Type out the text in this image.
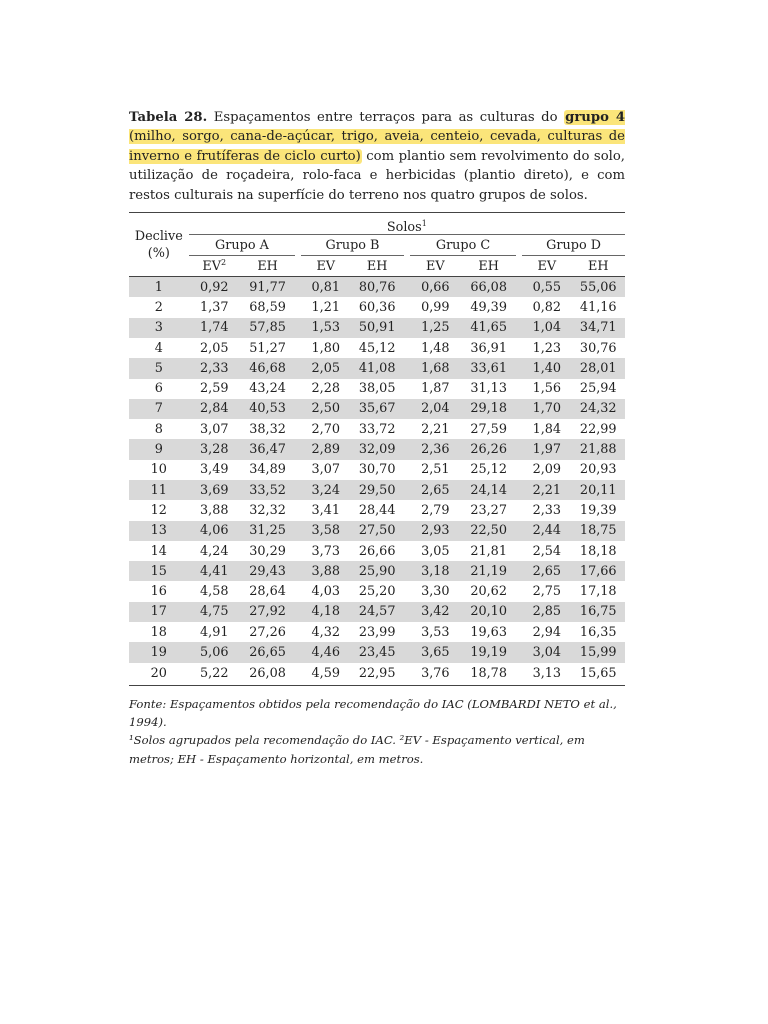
Tabela 28. Espaçamentos entre terraços para as culturas do grupo 4 (milho, sorgo, cana-de-açúcar, trigo, aveia, centeio, cevada, culturas de inverno e frutíferas de ciclo curto) com plantio sem revolvimento do solo, utilização de roçadeira, rolo-faca e herbicidas (plantio direto), e com restos culturais na superfície do terreno nos quatro grupos de solos.

Declive
(%)	Solos$^1$

	Grupo A			Grupo B			Grupo C			Grupo D	
	$EV^2$	EH		EV	EH		EV	EH		EV	EH
1	0,92	91,77		0,81	80,76		0,66	66,08		0,55	55,06
2	1,37	68,59		1,21	60,36		0,99	49,39		0,82	41,16
3	1,74	57,85		1,53	50,91		1,25	41,65		1,04	34,71
4	2,05	51,27		1,80	45,12		1,48	36,91		1,23	30,76
5	2,33	46,68		2,05	41,08		1,68	33,61		1,40	28,01
6	2,59	43,24		2,28	38,05		1,87	31,13		1,56	25,94
7	2,84	40,53		2,50	35,67		2,04	29,18		1,70	24,32
8	3,07	38,32		2,70	33,72		2,21	27,59		1,84	22,99
9	3,28	36,47		2,89	32,09		2,36	26,26		1,97	21,88
10	3,49	34,89		3,07	30,70		2,51	25,12		2,09	20,93
11	3,69	33,52		3,24	29,50		2,65	24,14		2,21	20,11
12	3,88	32,32		3,41	28,44		2,79	23,27		2,33	19,39
13	4,06	31,25		3,58	27,50		2,93	22,50		2,44	18,75
14	4,24	30,29		3,73	26,66		3,05	21,81		2,54	18,18
15	4,41	29,43		3,88	25,90		3,18	21,19		2,65	17,66
16	4,58	28,64		4,03	25,20		3,30	20,62		2,75	17,18
17	4,75	27,92		4,18	24,57		3,42	20,10		2,85	16,75
18	4,91	27,26		4,32	23,99		3,53	19,63		2,94	16,35
19	5,06	26,65		4,46	23,45		3,65	19,19		3,04	15,99
20	5,22	26,08		4,59	22,95		3,76	18,78		3,13	15,65
Fonte: Espaçamentos obtidos pela recomendação do IAC (LOMBARDI NETO et al., 1994).
¹Solos agrupados pela recomendação do IAC. ²EV - Espaçamento vertical, em metros; EH - Espaçamento horizontal, em metros.
